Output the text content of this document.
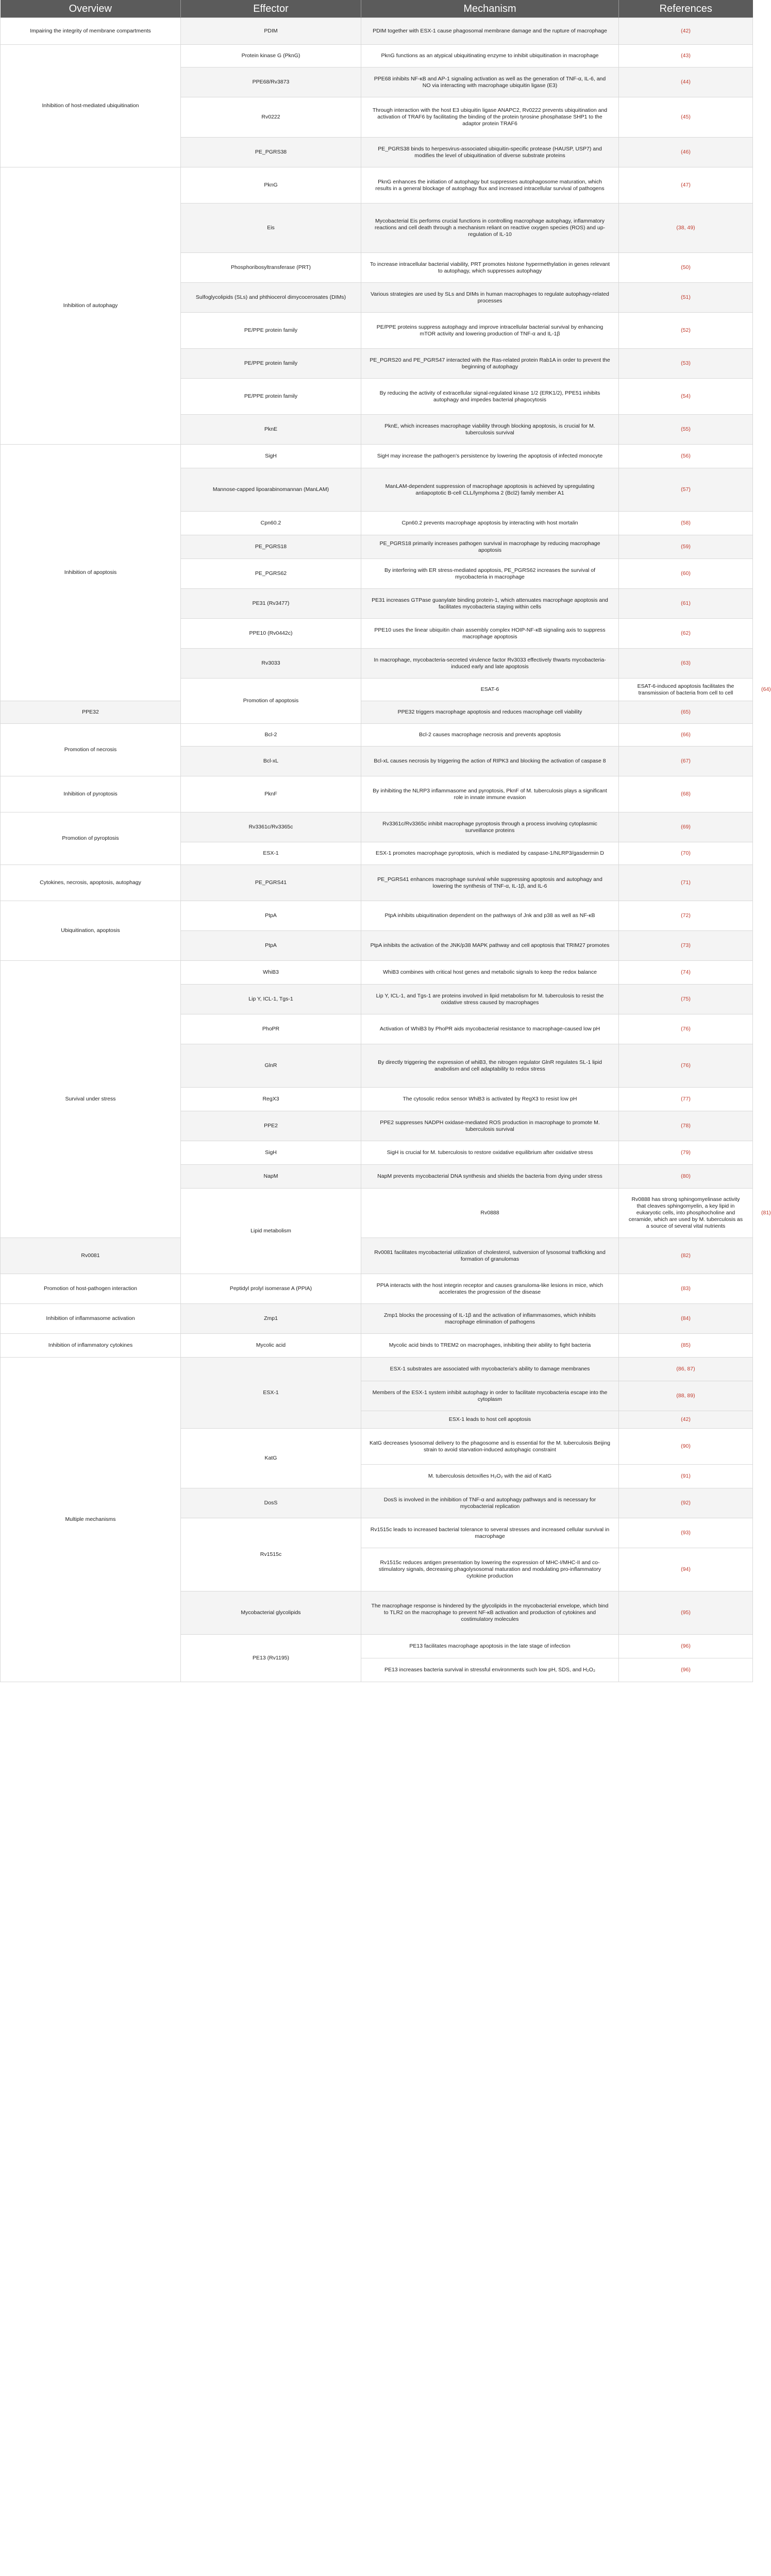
Overview	Effector	Mechanism	References	
Impairing the integrity of membrane compartments	PDIM	PDIM together with ESX-1 cause phagosomal membrane damage and the rupture of macrophage	(42)	
Inhibition of host-mediated ubiquitination	Protein kinase G (PknG)	PknG functions as an atypical ubiquitinating enzyme to inhibit ubiquitination in macrophage	(43)	
	PPE68/Rv3873	PPE68 inhibits NF-κB and AP-1 signaling activation as well as the generation of TNF-α, IL-6, and NO via interacting with macrophage ubiquitin ligase (E3)	(44)	
	Rv0222	Through interaction with the host E3 ubiquitin ligase ANAPC2, Rv0222 prevents ubiquitination and activation of TRAF6 by facilitating the binding of the protein tyrosine phosphatase SHP1 to the adaptor protein TRAF6	(45)	
	PE_PGRS38	PE_PGRS38 binds to herpesvirus-associated ubiquitin-specific protease (HAUSP, USP7) and modifies the level of ubiquitination of diverse substrate proteins	(46)	
Inhibition of autophagy	PknG	PknG enhances the initiation of autophagy but suppresses autophagosome maturation, which results in a general blockage of autophagy flux and increased intracellular survival of pathogens	(47)	
	Eis	Mycobacterial Eis performs crucial functions in controlling macrophage autophagy, inflammatory reactions and cell death through a mechanism reliant on reactive oxygen species (ROS) and up-regulation of IL-10	(38, 49)	
	Phosphoribosyltransferase (PRT)	To increase intracellular bacterial viability, PRT promotes histone hypermethylation in genes relevant to autophagy, which suppresses autophagy	(50)	
	Sulfoglycolipids (SLs) and phthiocerol dimycocerosates (DIMs)	Various strategies are used by SLs and DIMs in human macrophages to regulate autophagy-related processes	(51)	
	PE/PPE protein family	PE/PPE proteins suppress autophagy and improve intracellular bacterial survival by enhancing mTOR activity and lowering production of TNF-α and IL-1β	(52)	
	PE/PPE protein family	PE_PGRS20 and PE_PGRS47 interacted with the Ras-related protein Rab1A in order to prevent the beginning of autophagy	(53)	
	PE/PPE protein family	By reducing the activity of extracellular signal-regulated kinase 1/2 (ERK1/2), PPE51 inhibits autophagy and impedes bacterial phagocytosis	(54)	
	PknE	PknE, which increases macrophage viability through blocking apoptosis, is crucial for M. tuberculosis survival	(55)	
Inhibition of apoptosis	SigH	SigH may increase the pathogen's persistence by lowering the apoptosis of infected monocyte	(56)	
	Mannose-capped lipoarabinomannan (ManLAM)	ManLAM-dependent suppression of macrophage apoptosis is achieved by upregulating antiapoptotic B-cell CLL/lymphoma 2 (Bcl2) family member A1	(57)	
	Cpn60.2	Cpn60.2 prevents macrophage apoptosis by interacting with host mortalin	(58)	
	PE_PGRS18	PE_PGRS18 primarily increases pathogen survival in macrophage by reducing macrophage apoptosis	(59)	
	PE_PGRS62	By interfering with ER stress-mediated apoptosis, PE_PGRS62 increases the survival of mycobacteria in macrophage	(60)	
	PE31 (Rv3477)	PE31 increases GTPase guanylate binding protein-1, which attenuates macrophage apoptosis and facilitates mycobacteria staying within cells	(61)	
	PPE10 (Rv0442c)	PPE10 uses the linear ubiquitin chain assembly complex HOIP-NF-κB signaling axis to suppress macrophage apoptosis	(62)	
	Rv3033	In macrophage, mycobacteria-secreted virulence factor Rv3033 effectively thwarts mycobacteria-induced early and late apoptosis	(63)	
	Promotion of apoptosis	ESAT-6	ESAT-6-induced apoptosis facilitates the transmission of bacteria from cell to cell	(64)
PPE32		PPE32 triggers macrophage apoptosis and reduces macrophage cell viability	(65)	
Promotion of necrosis	Bcl-2	Bcl-2 causes macrophage necrosis and prevents apoptosis	(66)	
	Bcl-xL	Bcl-xL causes necrosis by triggering the action of RIPK3 and blocking the activation of caspase 8	(67)	
Inhibition of pyroptosis	PknF	By inhibiting the NLRP3 inflammasome and pyroptosis, PknF of M. tuberculosis plays a significant role in innate immune evasion	(68)	
Promotion of pyroptosis	Rv3361c/Rv3365c	Rv3361c/Rv3365c inhibit macrophage pyroptosis through a process involving cytoplasmic surveillance proteins	(69)	
	ESX-1	ESX-1 promotes macrophage pyroptosis, which is mediated by caspase-1/NLRP3/gasdermin D	(70)	
Cytokines, necrosis, apoptosis, autophagy	PE_PGRS41	PE_PGRS41 enhances macrophage survival while suppressing apoptosis and autophagy and lowering the synthesis of TNF-α, IL-1β, and IL-6	(71)	
Ubiquitination, apoptosis	PtpA	PtpA inhibits ubiquitination dependent on the pathways of Jnk and p38 as well as NF-κB	(72)	
	PtpA	PtpA inhibits the activation of the JNK/p38 MAPK pathway and cell apoptosis that TRIM27 promotes	(73)	
Survival under stress	WhiB3	WhiB3 combines with critical host genes and metabolic signals to keep the redox balance	(74)	
	Lip Y, ICL-1, Tgs-1	Lip Y, ICL-1, and Tgs-1 are proteins involved in lipid metabolism for M. tuberculosis to resist the oxidative stress caused by macrophages	(75)	
	PhoPR	Activation of WhiB3 by PhoPR aids mycobacterial resistance to macrophage-caused low pH	(76)	
	GlnR	By directly triggering the expression of whiB3, the nitrogen regulator GlnR regulates SL-1 lipid anabolism and cell adaptability to redox stress	(76)	
	RegX3	The cytosolic redox sensor WhiB3 is activated by RegX3 to resist low pH	(77)	
	PPE2	PPE2 suppresses NADPH oxidase-mediated ROS production in macrophage to promote M. tuberculosis survival	(78)	
	SigH	SigH is crucial for M. tuberculosis to restore oxidative equilibrium after oxidative stress	(79)	
	NapM	NapM prevents mycobacterial DNA synthesis and shields the bacteria from dying under stress	(80)	
	Lipid metabolism	Rv0888	Rv0888 has strong sphingomyelinase activity that cleaves sphingomyelin, a key lipid in eukaryotic cells, into phosphocholine and ceramide, which are used by M. tuberculosis as a source of several vital nutrients	(81)
Rv0081		Rv0081 facilitates mycobacterial utilization of cholesterol, subversion of lysosomal trafficking and formation of granulomas	(82)	
Promotion of host-pathogen interaction	Peptidyl prolyl isomerase A (PPIA)	PPIA interacts with the host integrin receptor and causes granuloma-like lesions in mice, which accelerates the progression of the disease	(83)	
Inhibition of inflammasome activation	Zmp1	Zmp1 blocks the processing of IL-1β and the activation of inflammasomes, which inhibits macrophage elimination of pathogens	(84)	
Inhibition of inflammatory cytokines	Mycolic acid	Mycolic acid binds to TREM2 on macrophages, inhibiting their ability to fight bacteria	(85)	
Multiple mechanisms	ESX-1	ESX-1 substrates are associated with mycobacteria's ability to damage membranes	(86, 87)	
		Members of the ESX-1 system inhibit autophagy in order to facilitate mycobacteria escape into the cytoplasm	(88, 89)	
		ESX-1 leads to host cell apoptosis	(42)	
	KatG	KatG decreases lysosomal delivery to the phagosome and is essential for the M. tuberculosis Beijing strain to avoid starvation-induced autophagic constraint	(90)	
		M. tuberculosis detoxifies H₂O₂ with the aid of KatG	(91)	
	DosS	DosS is involved in the inhibition of TNF-α and autophagy pathways and is necessary for mycobacterial replication	(92)	
	Rv1515c	Rv1515c leads to increased bacterial tolerance to several stresses and increased cellular survival in macrophage	(93)	
		Rv1515c reduces antigen presentation by lowering the expression of MHC-I/MHC-II and co-stimulatory signals, decreasing phagolysosomal maturation and modulating pro-inflammatory cytokine production	(94)	
	Mycobacterial glycolipids	The macrophage response is hindered by the glycolipids in the mycobacterial envelope, which bind to TLR2 on the macrophage to prevent NF-κB activation and production of cytokines and costimulatory molecules	(95)	
	PE13 (Rv1195)	PE13 facilitates macrophage apoptosis in the late stage of infection	(96)	
		PE13 increases bacteria survival in stressful environments such low pH, SDS, and H₂O₂	(96)	
